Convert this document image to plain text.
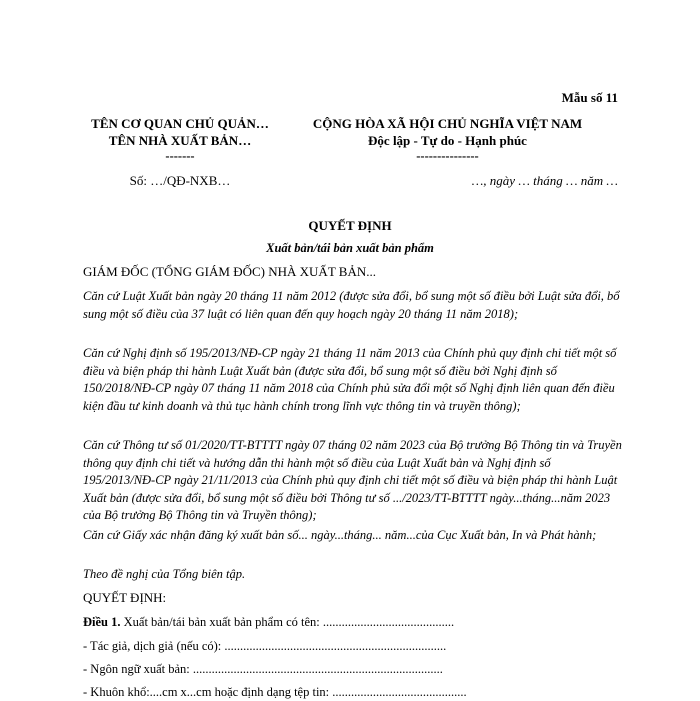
Mẫu số 11
TÊN CƠ QUAN CHỦ QUẢN…
TÊN NHÀ XUẤT BẢN…
-------
Số: …/QĐ-NXB…
CỘNG HÒA XÃ HỘI CHỦ NGHĨA VIỆT NAM
Độc lập - Tự do - Hạnh phúc
---------------
…, ngày … tháng … năm …
QUYẾT ĐỊNH
Xuất bản/tái bản xuất bản phẩm
GIÁM ĐỐC (TỔNG GIÁM ĐỐC) NHÀ XUẤT BẢN...
Căn cứ Luật Xuất bản ngày 20 tháng 11 năm 2012 (được sửa đổi, bổ sung một số điều bởi Luật sửa đổi, bổ sung một số điều của 37 luật có liên quan đến quy hoạch ngày 20 tháng 11 năm 2018);
Căn cứ Nghị định số 195/2013/NĐ-CP ngày 21 tháng 11 năm 2013 của Chính phủ quy định chi tiết một số điều và biện pháp thi hành Luật Xuất bản (được sửa đổi, bổ sung một số điều bởi Nghị định số 150/2018/NĐ-CP ngày 07 tháng 11 năm 2018 của Chính phủ sửa đổi một số Nghị định liên quan đến điều kiện đầu tư kinh doanh và thủ tục hành chính trong lĩnh vực thông tin và truyền thông);
Căn cứ Thông tư số 01/2020/TT-BTTTT ngày 07 tháng 02 năm 2023 của Bộ trưởng Bộ Thông tin và Truyền thông quy định chi tiết và hướng dẫn thi hành một số điều của Luật Xuất bản và Nghị định số 195/2013/NĐ-CP ngày 21/11/2013 của Chính phủ quy định chi tiết một số điều và biện pháp thi hành Luật Xuất bản (được sửa đổi, bổ sung một số điều bởi Thông tư số .../2023/TT-BTTTT ngày...tháng...năm 2023 của Bộ trưởng Bộ Thông tin và Truyền thông);
Căn cứ Giấy xác nhận đăng ký xuất bản số... ngày...tháng... năm...của Cục Xuất bản, In và Phát hành;
Theo đề nghị của Tổng biên tập.
QUYẾT ĐỊNH:
Điều 1. Xuất bản/tái bản xuất bản phẩm có tên: ..........................................
- Tác giả, dịch giả (nếu có): .......................................................................
- Ngôn ngữ xuất bản: ................................................................................
- Khuôn khổ:....cm x...cm hoặc định dạng tệp tin: ...........................................
